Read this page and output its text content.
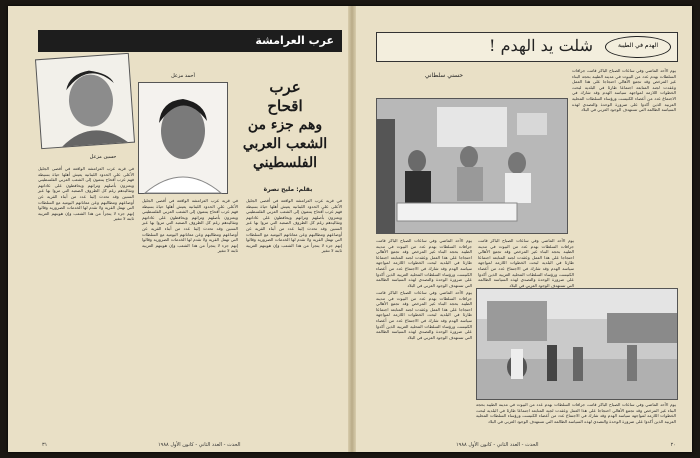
عرب العرامشة
حسين مزعل
أحمد مزعل
عرب
اقحاح
وهم جزء من
الشعب العربي
الفلسطيني
بقلم: مليح نصرة
في قرية عرب العرامشة الواقعة في أقصى الجليل الأعلى على الحدود اللبنانية يعيش أهلها حياة بسيطة فهم عرب أقحاح ينتمون إلى الشعب العربي الفلسطيني ويعتزون بأصلهم وتراثهم ويحافظون على عاداتهم وتقاليدهم رغم كل الظروف الصعبة التي مروا بها عبر السنين وقد تحدث إلينا عدد من أبناء القرية عن أوضاعهم ومطالبهم وعن معاناتهم اليومية مع السلطات التي تهمل القرية ولا تقدم لها الخدمات الضرورية وقالوا إنهم جزء لا يتجزأ من هذا الشعب وإن هويتهم العربية ثابتة لا تتغير
في قرية عرب العرامشة الواقعة في أقصى الجليل الأعلى على الحدود اللبنانية يعيش أهلها حياة بسيطة فهم عرب أقحاح ينتمون إلى الشعب العربي الفلسطيني ويعتزون بأصلهم وتراثهم ويحافظون على عاداتهم وتقاليدهم رغم كل الظروف الصعبة التي مروا بها عبر السنين وقد تحدث إلينا عدد من أبناء القرية عن أوضاعهم ومطالبهم وعن معاناتهم اليومية مع السلطات التي تهمل القرية ولا تقدم لها الخدمات الضرورية وقالوا إنهم جزء لا يتجزأ من هذا الشعب وإن هويتهم العربية ثابتة لا تتغير
في قرية عرب العرامشة الواقعة في أقصى الجليل الأعلى على الحدود اللبنانية يعيش أهلها حياة بسيطة فهم عرب أقحاح ينتمون إلى الشعب العربي الفلسطيني ويعتزون بأصلهم وتراثهم ويحافظون على عاداتهم وتقاليدهم رغم كل الظروف الصعبة التي مروا بها عبر السنين وقد تحدث إلينا عدد من أبناء القرية عن أوضاعهم ومطالبهم وعن معاناتهم اليومية مع السلطات التي تهمل القرية ولا تقدم لها الخدمات الضرورية وقالوا إنهم جزء لا يتجزأ من هذا الشعب وإن هويتهم العربية ثابتة لا تتغير
٣١	الحدث - العدد الثاني - كانون الأول ١٩٨٨
الهدم في الطيبة
شلت يد الهدم !
حسني سلطاني
يوم الأحد الماضي وفي ساعات الصباح الباكر قامت جرافات السلطات بهدم عدد من البيوت في مدينة الطيبة بحجة البناء غير المرخص وقد تجمع الأهالي احتجاجا على هذا العمل وعقدت لجنة المتابعة اجتماعا طارئا في البلدية لبحث الخطوات اللازمة لمواجهة سياسة الهدم وقد شارك في الاجتماع عدد من أعضاء الكنيست ورؤساء السلطات المحلية العربية الذين أكدوا على ضرورة الوحدة والتصدي لهذه السياسة الظالمة التي تستهدف الوجود العربي في البلاد
يوم الأحد الماضي وفي ساعات الصباح الباكر قامت جرافات السلطات بهدم عدد من البيوت في مدينة الطيبة بحجة البناء غير المرخص وقد تجمع الأهالي احتجاجا على هذا العمل وعقدت لجنة المتابعة اجتماعا طارئا في البلدية لبحث الخطوات اللازمة لمواجهة سياسة الهدم وقد شارك في الاجتماع عدد من أعضاء الكنيست ورؤساء السلطات المحلية العربية الذين أكدوا على ضرورة الوحدة والتصدي لهذه السياسة الظالمة التي تستهدف الوجود العربي في البلاد
يوم الأحد الماضي وفي ساعات الصباح الباكر قامت جرافات السلطات بهدم عدد من البيوت في مدينة الطيبة بحجة البناء غير المرخص وقد تجمع الأهالي احتجاجا على هذا العمل وعقدت لجنة المتابعة اجتماعا طارئا في البلدية لبحث الخطوات اللازمة لمواجهة سياسة الهدم وقد شارك في الاجتماع عدد من أعضاء الكنيست ورؤساء السلطات المحلية العربية الذين أكدوا على ضرورة الوحدة والتصدي لهذه السياسة الظالمة التي تستهدف الوجود العربي في البلاد
يوم الأحد الماضي وفي ساعات الصباح الباكر قامت جرافات السلطات بهدم عدد من البيوت في مدينة الطيبة بحجة البناء غير المرخص وقد تجمع الأهالي احتجاجا على هذا العمل وعقدت لجنة المتابعة اجتماعا طارئا في البلدية لبحث الخطوات اللازمة لمواجهة سياسة الهدم وقد شارك في الاجتماع عدد من أعضاء الكنيست ورؤساء السلطات المحلية العربية الذين أكدوا على ضرورة الوحدة والتصدي لهذه السياسة الظالمة التي تستهدف الوجود العربي في البلاد
يوم الأحد الماضي وفي ساعات الصباح الباكر قامت جرافات السلطات بهدم عدد من البيوت في مدينة الطيبة بحجة البناء غير المرخص وقد تجمع الأهالي احتجاجا على هذا العمل وعقدت لجنة المتابعة اجتماعا طارئا في البلدية لبحث الخطوات اللازمة لمواجهة سياسة الهدم وقد شارك في الاجتماع عدد من أعضاء الكنيست ورؤساء السلطات المحلية العربية الذين أكدوا على ضرورة الوحدة والتصدي لهذه السياسة الظالمة التي تستهدف الوجود العربي في البلاد
٢٠
الحدث - العدد الثاني - كانون الأول ١٩٨٨
